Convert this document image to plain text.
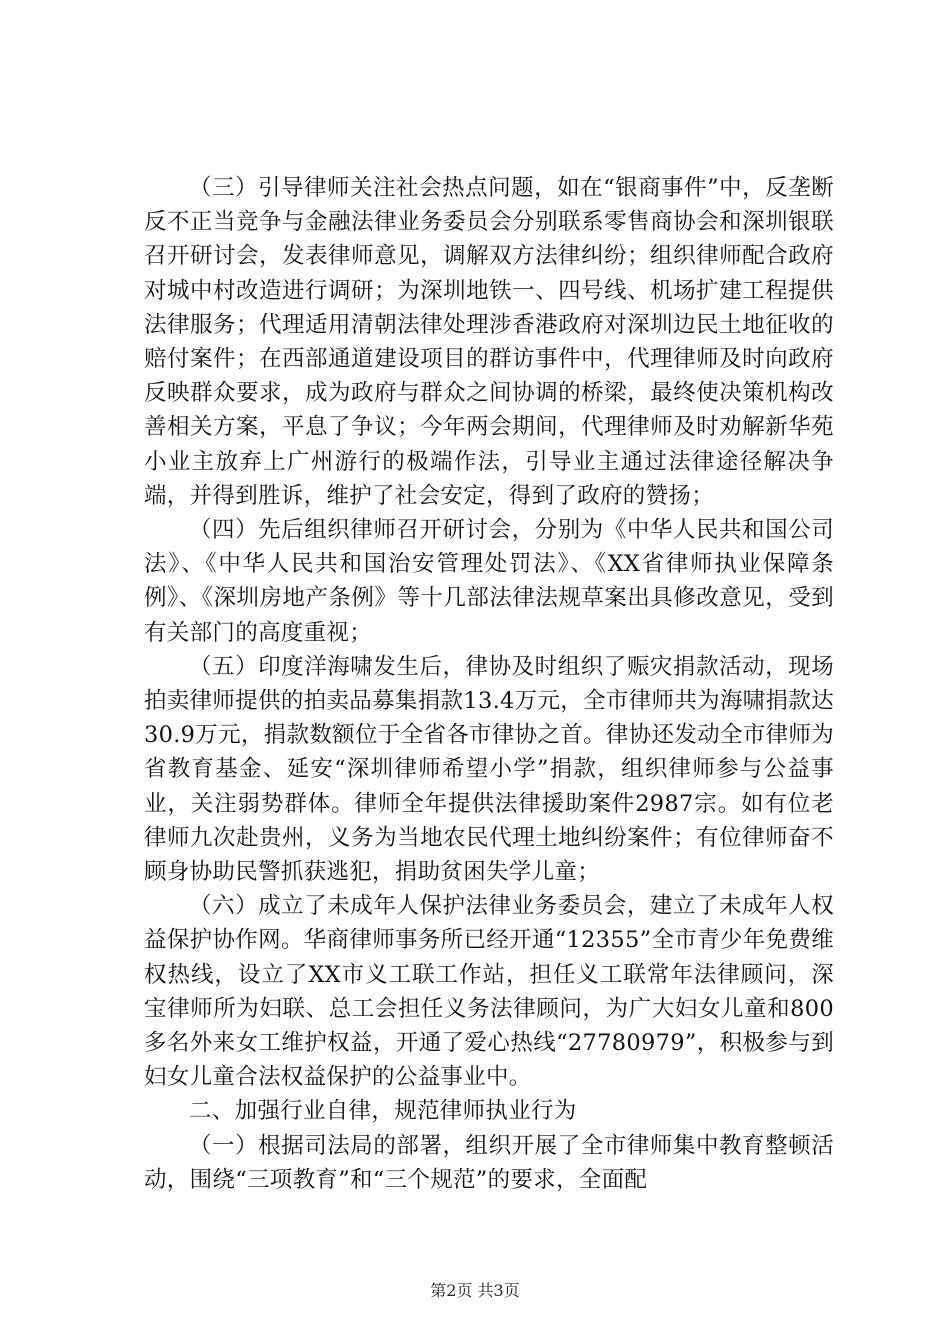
（三）引导律师关注社会热点问题，如在“银商事件”中，反垄断反不正当竞争与金融法律业务委员会分别联系零售商协会和深圳银联召开研讨会，发表律师意见，调解双方法律纠纷；组织律师配合政府对城中村改造进行调研；为深圳地铁一、四号线、机场扩建工程提供法律服务；代理适用清朝法律处理涉香港政府对深圳边民土地征收的赔付案件；在西部通道建设项目的群访事件中，代理律师及时向政府反映群众要求，成为政府与群众之间协调的桥梁，最终使决策机构改善相关方案，平息了争议；今年两会期间，代理律师及时劝解新华苑小业主放弃上广州游行的极端作法，引导业主通过法律途径解决争端，并得到胜诉，维护了社会安定，得到了政府的赞扬；

（四）先后组织律师召开研讨会，分别为《中华人民共和国公司法》、《中华人民共和国治安管理处罚法》、《XX省律师执业保障条例》、《深圳房地产条例》等十几部法律法规草案出具修改意见，受到有关部门的高度重视；

（五）印度洋海啸发生后，律协及时组织了赈灾捐款活动，现场拍卖律师提供的拍卖品募集捐款13.4万元，全市律师共为海啸捐款达30.9万元，捐款数额位于全省各市律协之首。律协还发动全市律师为省教育基金、延安“深圳律师希望小学”捐款，组织律师参与公益事业，关注弱势群体。律师全年提供法律援助案件2987宗。如有位老律师九次赴贵州，义务为当地农民代理土地纠纷案件；有位律师奋不顾身协助民警抓获逃犯，捐助贫困失学儿童；

（六）成立了未成年人保护法律业务委员会，建立了未成年人权益保护协作网。华商律师事务所已经开通“12355”全市青少年免费维权热线，设立了XX市义工联工作站，担任义工联常年法律顾问，深宝律师所为妇联、总工会担任义务法律顾问，为广大妇女儿童和800多名外来女工维护权益，开通了爱心热线“27780979”，积极参与到妇女儿童合法权益保护的公益事业中。

二、加强行业自律，规范律师执业行为

（一）根据司法局的部署，组织开展了全市律师集中教育整顿活动，围绕“三项教育”和“三个规范”的要求，全面配

第2页 共3页
